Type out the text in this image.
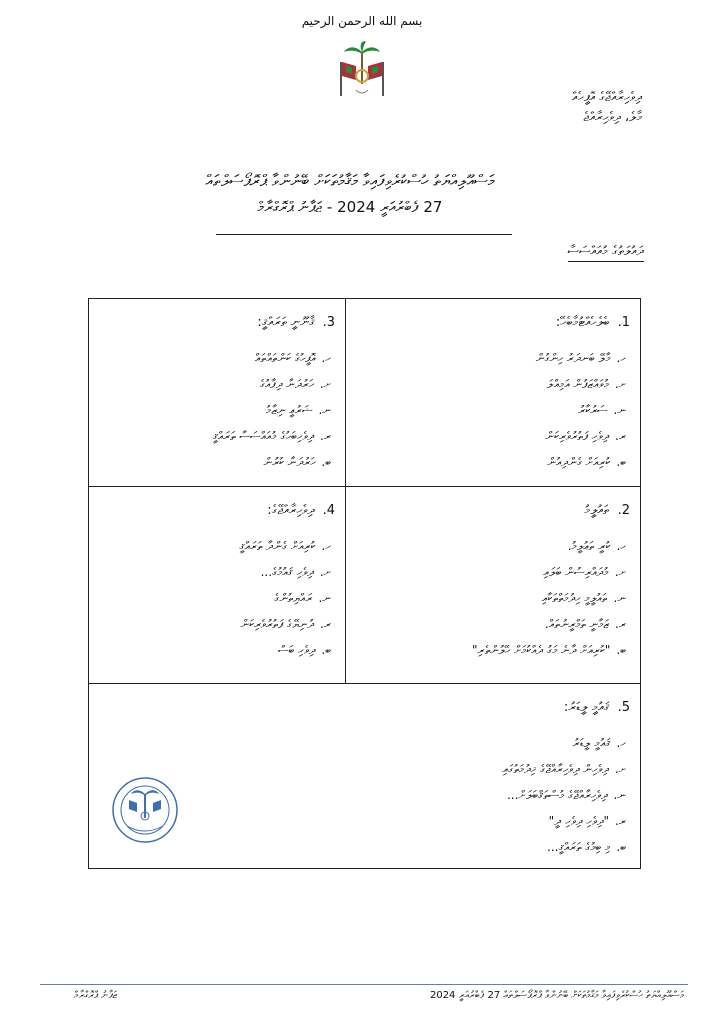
بسم الله الرحمن الرحيم
ދިވެހިރާއްޖޭގެ އޮފީހެއް
މާލެ، ދިވެހިރާއްޖެ
މަސްއޫލިއްޔަތު ހުސްކުރެވިފައިވާ މަޤާމުތަކަށް ބޭނުންވާ ޕްރޮޕޯސަލްތައް
27 ފެބްރުއަރީ 2024 - ޖަޕާނު ޕްރޮގްރާމް
ދައުލަތުގެ މުއައްސަސާ
3. ޤާނޫނީ ތަރައްޤީ:
ހ.އޮފީހުގެ ކަންތައްތައް
ށ.ހަރުދަނާ ދިފާއުގެ
ނ.ޝަރުޢީ ނިޒާމު
ރ.ދިވެހިބަހުގެ މުއައްސަސާ ތަރައްޤީ
ބ.ހަރުދަނާ ކުރުން
1. ބެލެހެއްޓުމާބެހޭ:
ހ.މާލޭ ބަނދަރު ހިންގުން
ށ.މުވައްޒަފުން އަމިއްލަ
ނ.ސަރުކާރު
ރ.ދިވެހި ފަތުރުވެރިކަން
ބ.ކުރިއަށް ގެންދިއުން
4. ދިވެހިރާއްޖޭގެ:
ހ.ކުރިއަށް ގެންދާ ތަރައްޤީ
ށ.ދިވެހި ޤައުމުގެ...
ނ.ރައްޔިތުންގެ
ރ.ދުނިޔޭގެ ފަތުރުވެރިކަން
ބ.ދިވެހި ބަސް
2. ތައުލީމު
ހ.ކުރީ ތަޢުލީމު.
ށ.މުދައްރިސުން ބަލައި
ނ.ތައުލީމީ ހިދުމަތްތަކާއި
ރ.ޒަމާނީ ތަމްރީނުތައް.
ބ."ކުރިއަށް ދާނެ މަގު ދެއްކުމަށް ހޭލުންތެރި"
5. ޤައުމީ ލީޑަރު:
ހ.ޤައުމީ ލީޑަރު
ށ.ދިވެހިން ދިވެހިރާއްޖޭގެ ޚިދުމަތުގައި
ނ.ދިވެހިރާއްޖޭގެ މުސްތަޤްބަލަށް...
ރ."ދިވެހި ދިވެހި ދީ"
ބ.މި ބިމުގެ ތަރައްޤީ...
ޖަޕާނު ޕްރޮގްރާމް	މަސްއޫލިއްޔަތު ހުސްކުރެވިފައިވާ މަޤާމުތަކަށް ބޭނުންވާ ޕްރޮޕޯސަލްތައް 27 ފެބްރުއަރީ 2024
